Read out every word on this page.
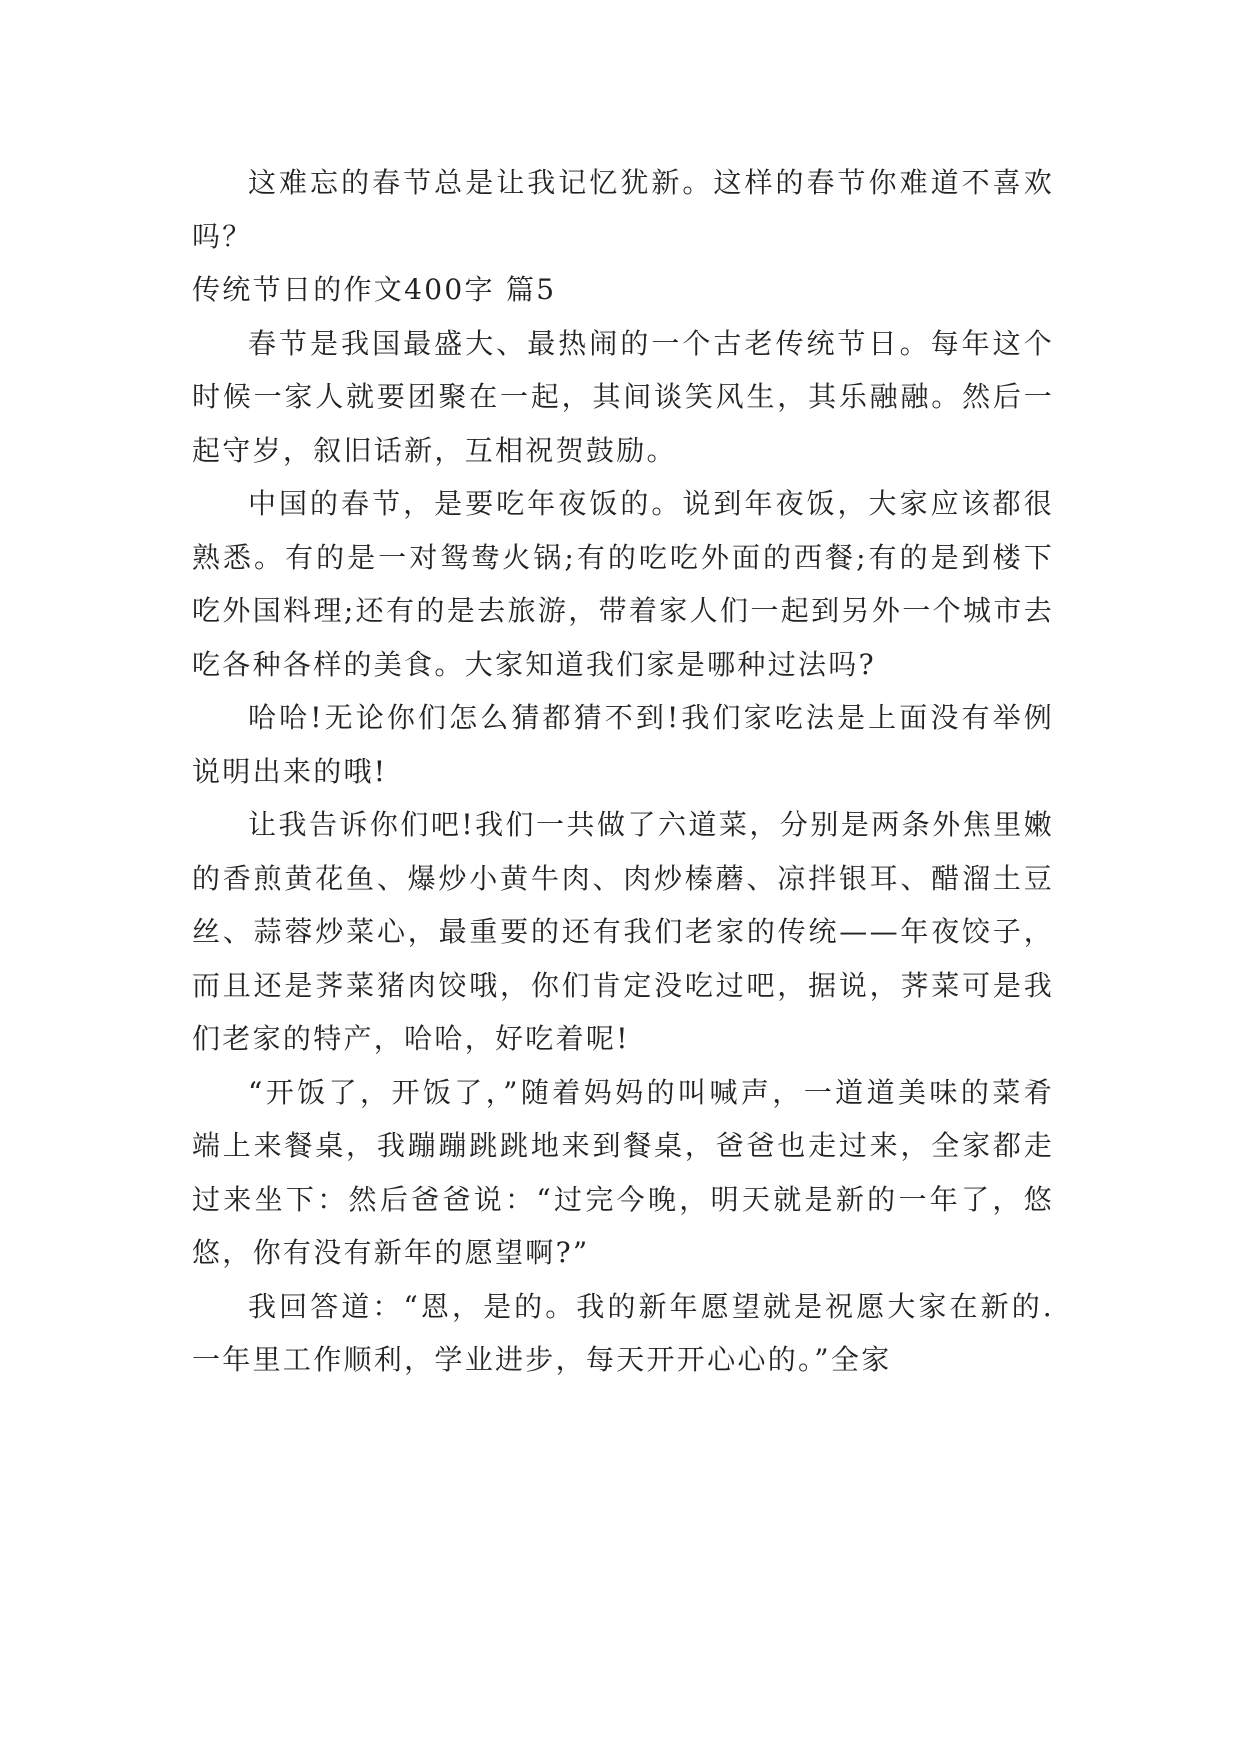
这难忘的春节总是让我记忆犹新。这样的春节你难道不喜欢吗？

传统节日的作文400字 篇5

春节是我国最盛大、最热闹的一个古老传统节日。每年这个时候一家人就要团聚在一起，其间谈笑风生，其乐融融。然后一起守岁，叙旧话新，互相祝贺鼓励。

中国的春节，是要吃年夜饭的。说到年夜饭，大家应该都很熟悉。有的是一对鸳鸯火锅;有的吃吃外面的西餐;有的是到楼下吃外国料理;还有的是去旅游，带着家人们一起到另外一个城市去吃各种各样的美食。大家知道我们家是哪种过法吗?

哈哈!无论你们怎么猜都猜不到!我们家吃法是上面没有举例说明出来的哦!

让我告诉你们吧!我们一共做了六道菜，分别是两条外焦里嫩的香煎黄花鱼、爆炒小黄牛肉、肉炒榛蘑、凉拌银耳、醋溜土豆丝、蒜蓉炒菜心，最重要的还有我们老家的传统——年夜饺子，而且还是荠菜猪肉饺哦，你们肯定没吃过吧，据说，荠菜可是我们老家的特产，哈哈，好吃着呢!

“开饭了，开饭了，”随着妈妈的叫喊声，一道道美味的菜肴端上来餐桌，我蹦蹦跳跳地来到餐桌，爸爸也走过来，全家都走过来坐下：然后爸爸说：“过完今晚，明天就是新的一年了，悠悠，你有没有新年的愿望啊?”

我回答道：“恩，是的。我的新年愿望就是祝愿大家在新的.一年里工作顺利，学业进步，每天开开心心的。”全家
